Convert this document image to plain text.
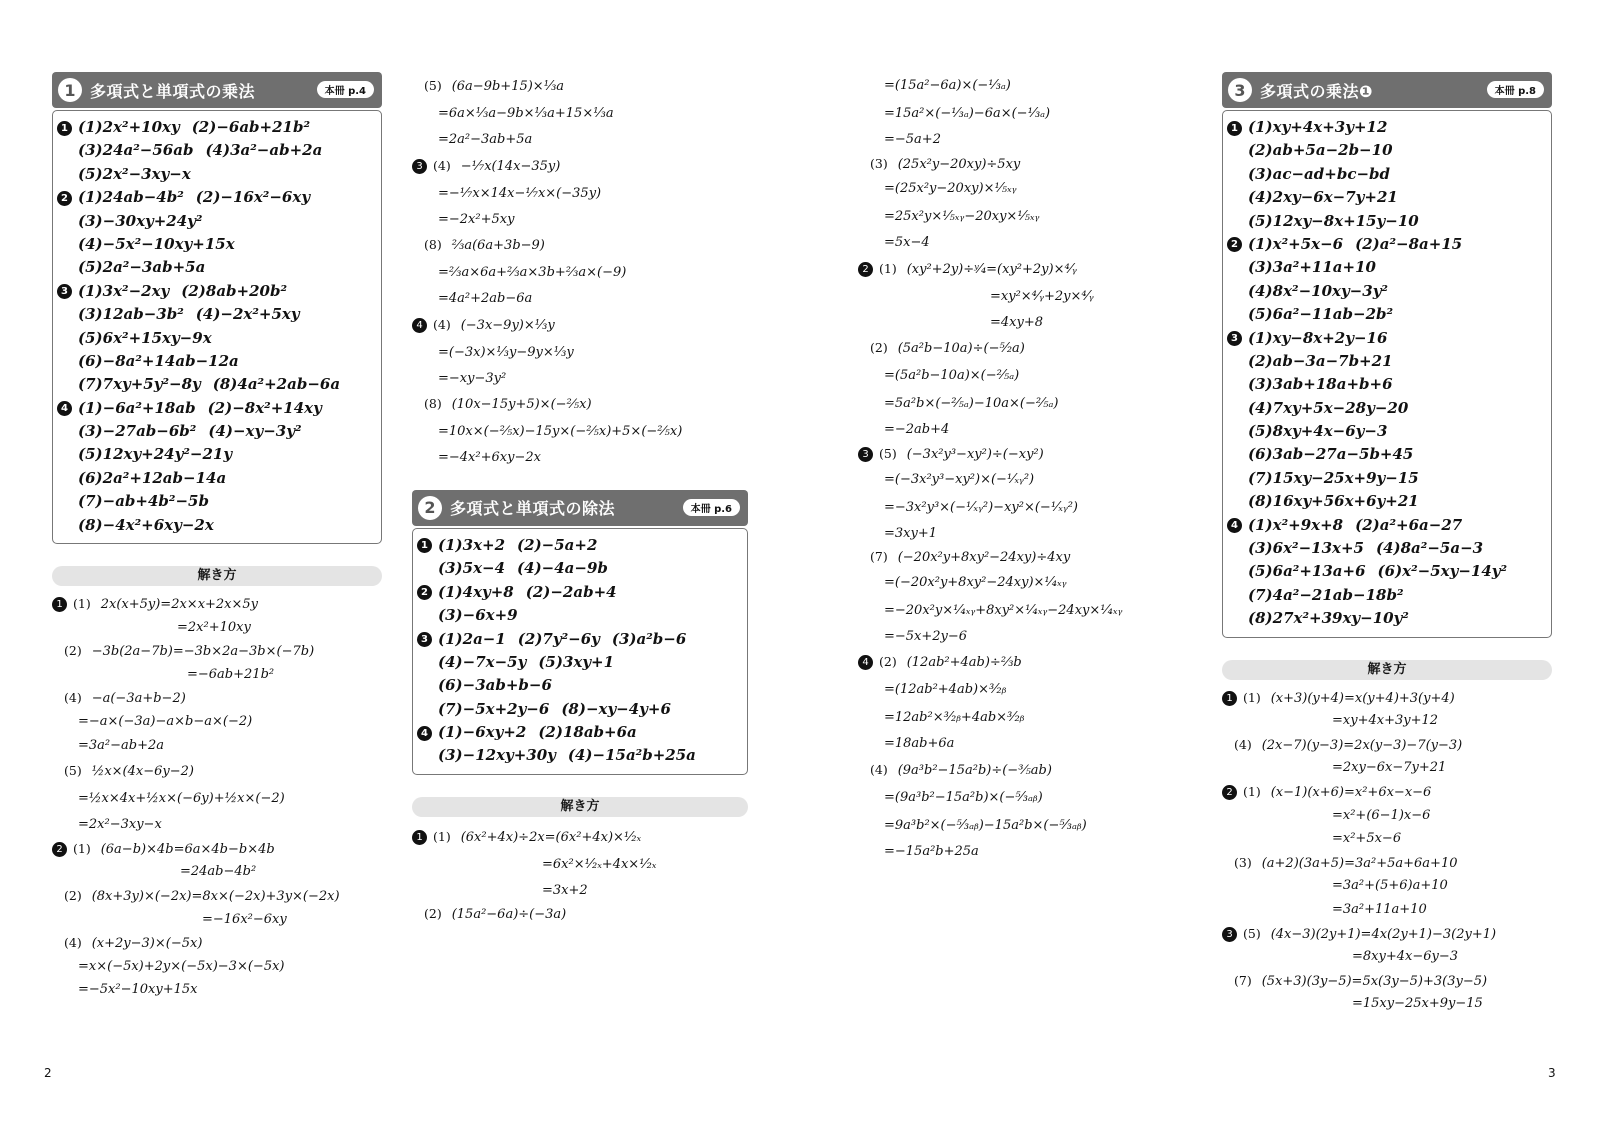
1 多項式と単項式の乗法	本冊 p.4
1 (1)2x²+10xy (2)−6ab+21b²
(3)24a²−56ab (4)3a²−ab+2a
(5)2x²−3xy−x
2 (1)24ab−4b² (2)−16x²−6xy
(3)−30xy+24y²
(4)−5x²−10xy+15x
(5)2a²−3ab+5a
3 (1)3x²−2xy (2)8ab+20b²
(3)12ab−3b² (4)−2x²+5xy
(5)6x²+15xy−9x
(6)−8a²+14ab−12a
(7)7xy+5y²−8y (8)4a²+2ab−6a
4 (1)−6a²+18ab (2)−8x²+14xy
(3)−27ab−6b² (4)−xy−3y²
(5)12xy+24y²−21y
(6)2a²+12ab−14a
(7)−ab+4b²−5b
(8)−4x²+6xy−2x
解き方
1 (1) 2x(x+5y)=2x×x+2x×5y
=2x²+10xy
(2) −3b(2a−7b)=−3b×2a−3b×(−7b)
=−6ab+21b²
(4) −a(−3a+b−2)
=−a×(−3a)−a×b−a×(−2)
=3a²−ab+2a
(5) ½x×(4x−6y−2)
=½x×4x+½x×(−6y)+½x×(−2)
=2x²−3xy−x
2 (1) (6a−b)×4b=6a×4b−b×4b
=24ab−4b²
(2) (8x+3y)×(−2x)=8x×(−2x)+3y×(−2x)
=−16x²−6xy
(4) (x+2y−3)×(−5x)
=x×(−5x)+2y×(−5x)−3×(−5x)
=−5x²−10xy+15x
(5) (6a−9b+15)×⅓a
=6a×⅓a−9b×⅓a+15×⅓a
=2a²−3ab+5a
3 (4) −¹⁄₇x(14x−35y)
=−¹⁄₇x×14x−¹⁄₇x×(−35y)
=−2x²+5xy
(8) ⅔a(6a+3b−9)
=⅔a×6a+⅔a×3b+⅔a×(−9)
=4a²+2ab−6a
4 (4) (−3x−9y)×⅓y
=(−3x)×⅓y−9y×⅓y
=−xy−3y²
(8) (10x−15y+5)×(−⅖x)
=10x×(−⅖x)−15y×(−⅖x)+5×(−⅖x)
=−4x²+6xy−2x
2 多項式と単項式の除法	本冊 p.6
1 (1)3x+2 (2)−5a+2
(3)5x−4 (4)−4a−9b
2 (1)4xy+8 (2)−2ab+4
(3)−6x+9
3 (1)2a−1 (2)7y²−6y (3)a²b−6
(4)−7x−5y (5)3xy+1
(6)−3ab+b−6
(7)−5x+2y−6 (8)−xy−4y+6
4 (1)−6xy+2 (2)18ab+6a
(3)−12xy+30y (4)−15a²b+25a
解き方
1 (1) (6x²+4x)÷2x=(6x²+4x)×¹⁄₂ₓ
=6x²×¹⁄₂ₓ+4x×¹⁄₂ₓ
=3x+2
(2) (15a²−6a)÷(−3a)
=(15a²−6a)×(−¹⁄₃ₐ)
=15a²×(−¹⁄₃ₐ)−6a×(−¹⁄₃ₐ)
=−5a+2
(3) (25x²y−20xy)÷5xy
=(25x²y−20xy)×¹⁄₅ₓᵧ
=25x²y×¹⁄₅ₓᵧ−20xy×¹⁄₅ₓᵧ
=5x−4
2 (1) (xy²+2y)÷ʸ⁄₄=(xy²+2y)×⁴⁄ᵧ
=xy²×⁴⁄ᵧ+2y×⁴⁄ᵧ
=4xy+8
(2) (5a²b−10a)÷(−⁵⁄₂a)
=(5a²b−10a)×(−²⁄₅ₐ)
=5a²b×(−²⁄₅ₐ)−10a×(−²⁄₅ₐ)
=−2ab+4
3 (5) (−3x²y³−xy²)÷(−xy²)
=(−3x²y³−xy²)×(−¹⁄ₓᵧ²)
=−3x²y³×(−¹⁄ₓᵧ²)−xy²×(−¹⁄ₓᵧ²)
=3xy+1
(7) (−20x²y+8xy²−24xy)÷4xy
=(−20x²y+8xy²−24xy)×¹⁄₄ₓᵧ
=−20x²y×¹⁄₄ₓᵧ+8xy²×¹⁄₄ₓᵧ−24xy×¹⁄₄ₓᵧ
=−5x+2y−6
4 (2) (12ab²+4ab)÷⅔b
=(12ab²+4ab)×³⁄₂ᵦ
=12ab²×³⁄₂ᵦ+4ab×³⁄₂ᵦ
=18ab+6a
(4) (9a³b²−15a²b)÷(−⅗ab)
=(9a³b²−15a²b)×(−⁵⁄₃ₐᵦ)
=9a³b²×(−⁵⁄₃ₐᵦ)−15a²b×(−⁵⁄₃ₐᵦ)
=−15a²b+25a
3 多項式の乗法❶	本冊 p.8
1 (1)xy+4x+3y+12
(2)ab+5a−2b−10
(3)ac−ad+bc−bd
(4)2xy−6x−7y+21
(5)12xy−8x+15y−10
2 (1)x²+5x−6 (2)a²−8a+15
(3)3a²+11a+10
(4)8x²−10xy−3y²
(5)6a²−11ab−2b²
3 (1)xy−8x+2y−16
(2)ab−3a−7b+21
(3)3ab+18a+b+6
(4)7xy+5x−28y−20
(5)8xy+4x−6y−3
(6)3ab−27a−5b+45
(7)15xy−25x+9y−15
(8)16xy+56x+6y+21
4 (1)x²+9x+8 (2)a²+6a−27
(3)6x²−13x+5 (4)8a²−5a−3
(5)6a²+13a+6 (6)x²−5xy−14y²
(7)4a²−21ab−18b²
(8)27x²+39xy−10y²
解き方
1 (1) (x+3)(y+4)=x(y+4)+3(y+4)
=xy+4x+3y+12
(4) (2x−7)(y−3)=2x(y−3)−7(y−3)
=2xy−6x−7y+21
2 (1) (x−1)(x+6)=x²+6x−x−6
=x²+(6−1)x−6
=x²+5x−6
(3) (a+2)(3a+5)=3a²+5a+6a+10
=3a²+(5+6)a+10
=3a²+11a+10
3 (5) (4x−3)(2y+1)=4x(2y+1)−3(2y+1)
=8xy+4x−6y−3
(7) (5x+3)(3y−5)=5x(3y−5)+3(3y−5)
=15xy−25x+9y−15
2	3
